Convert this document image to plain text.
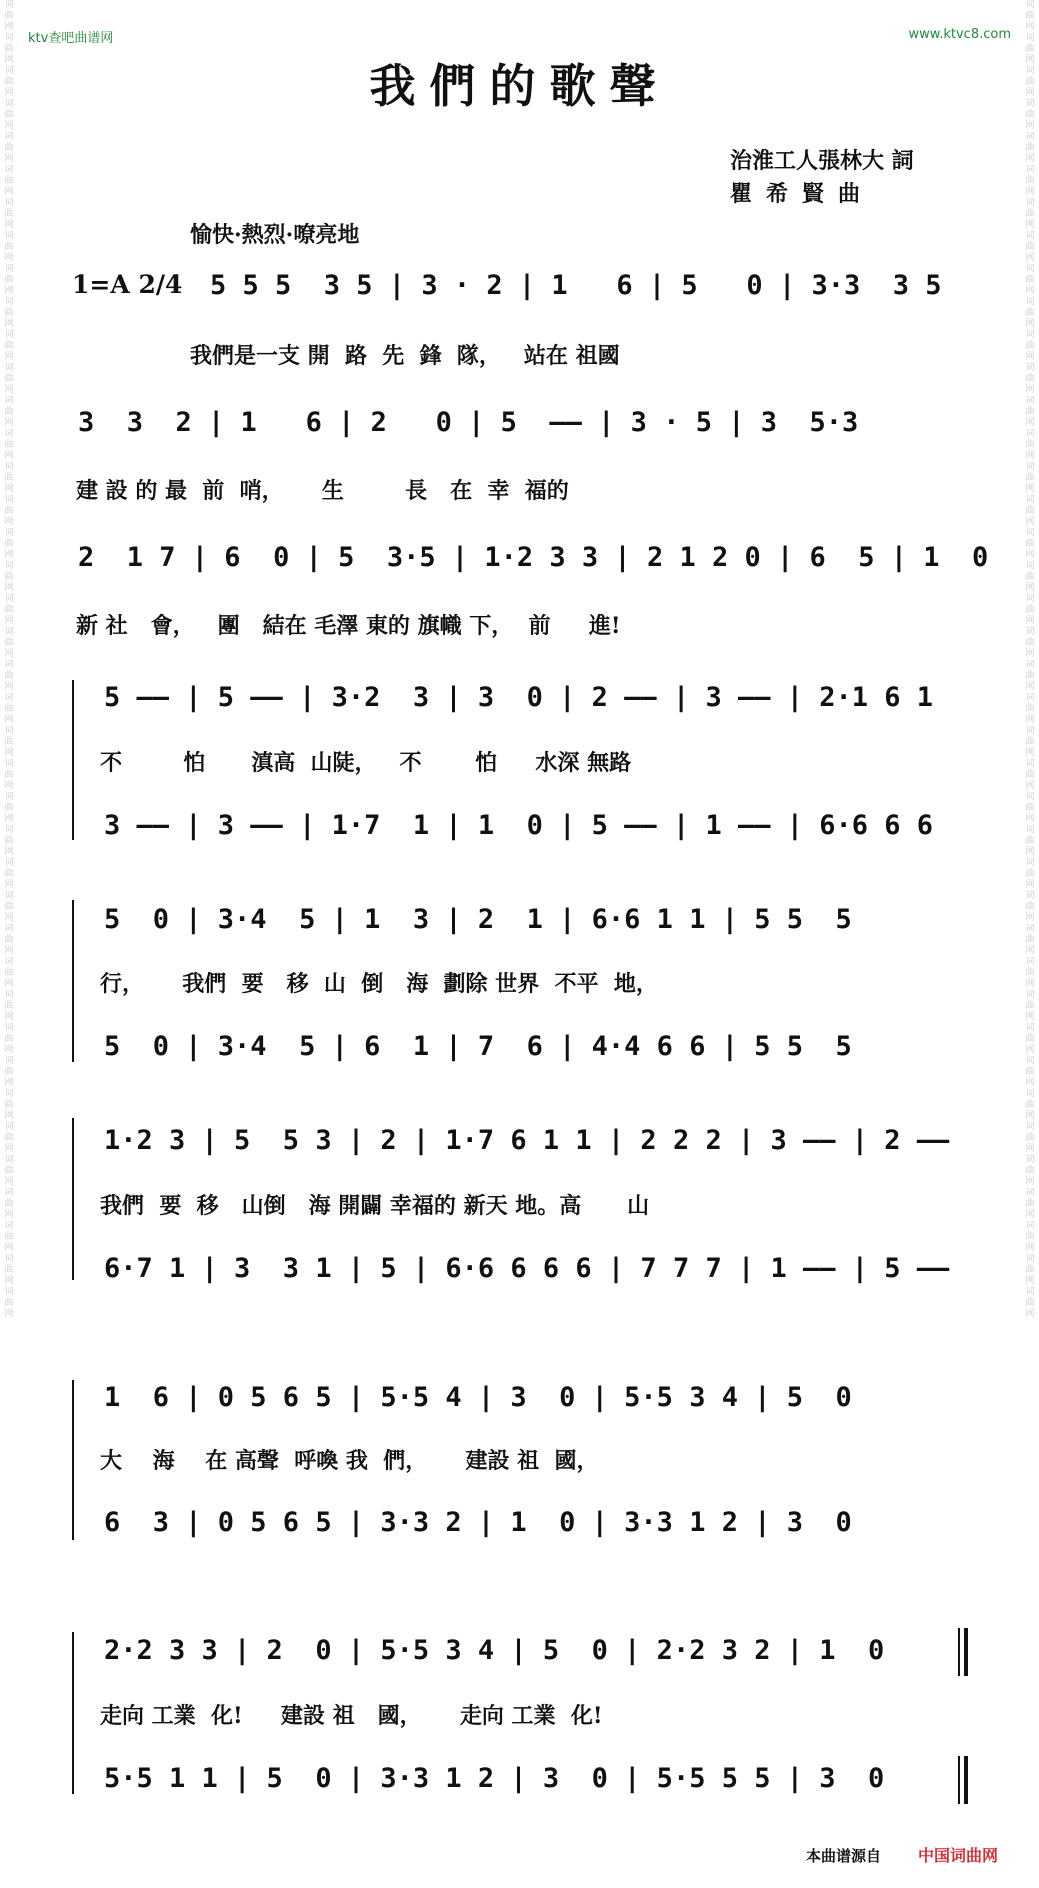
词曲网词曲网词曲网词曲网词曲网词曲网词曲网词曲网词曲网词曲网词曲网词曲网词曲网词曲网词曲网词曲网词曲网词曲网词曲网词曲网词曲网词曲网词曲网词曲网词曲网词曲网词曲网词曲网词曲网词曲网词曲网词曲网词曲网词曲网词曲网词曲网词曲网词曲网词曲网词曲网
词曲网词曲网词曲网词曲网词曲网词曲网词曲网词曲网词曲网词曲网词曲网词曲网词曲网词曲网词曲网词曲网词曲网词曲网词曲网词曲网词曲网词曲网词曲网词曲网词曲网词曲网词曲网词曲网词曲网词曲网词曲网词曲网词曲网词曲网词曲网词曲网词曲网词曲网词曲网词曲网
ktv查吧曲谱网	www.ktvc8.com
我們的歌聲
治淮工人張林大 詞
瞿希賢曲
愉快·熱烈·嘹亮地
1=A 2/4 5 5 5  3 5 | 3 · 2 | 1   6 | 5   0 | 3·3  3 5
我們是一支 開  路  先  鋒  隊，   站在 祖國
3  3  2 | 1   6 | 2   0 | 5  —— | 3 · 5 | 3  5·3
建 設 的 最  前  哨，     生        長   在  幸  福的
2  1 7 | 6  0 | 5  3·5 | 1·2 3 3 | 2 1 2 0 | 6  5 | 1  0
新 社   會，   團   結在 毛澤 東的 旗幟 下，  前     進!
5 —— | 5 —— | 3·2  3 | 3  0 | 2 —— | 3 —— | 2·1 6 1
不        怕      滇高  山陡，   不       怕     水深 無路
3 —— | 3 —— | 1·7  1 | 1  0 | 5 —— | 1 —— | 6·6 6 6
5  0 | 3·4  5 | 1  3 | 2  1 | 6·6 1 1 | 5 5  5
行，     我們  要   移  山  倒   海  劃除 世界  不平  地，
5  0 | 3·4  5 | 6  1 | 7  6 | 4·4 6 6 | 5 5  5
1·2 3 | 5  5 3 | 2 | 1·7 6 1 1 | 2 2 2 | 3 —— | 2 ——
我們  要  移   山倒   海 開闢 幸福的 新天 地。高      山
6·7 1 | 3  3 1 | 5 | 6·6 6 6 6 | 7 7 7 | 1 —— | 5 ——
1  6 | 0 5 6 5 | 5·5 4 | 3  0 | 5·5 3 4 | 5  0
大    海    在 高聲  呼喚 我  們，     建設 祖  國，
6  3 | 0 5 6 5 | 3·3 2 | 1  0 | 3·3 1 2 | 3  0
2·2 3 3 | 2  0 | 5·5 3 4 | 5  0 | 2·2 3 2 | 1  0
走向 工業  化!     建設 祖   國，     走向 工業  化!
5·5 1 1 | 5  0 | 3·3 1 2 | 3  0 | 5·5 5 5 | 3  0
本曲谱源自 中国词曲网
